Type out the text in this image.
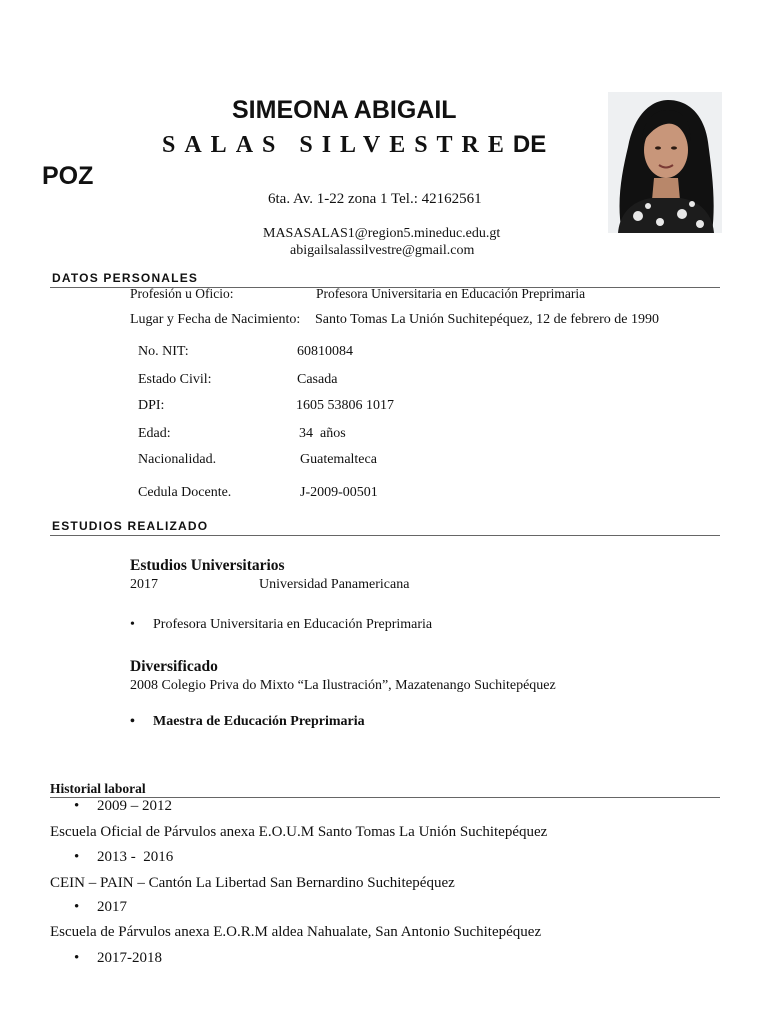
SIMEONA ABIGAIL
SALAS SILVESTREDE
POZ
6ta. Av. 1-22 zona 1 Tel.: 42162561
MASASALAS1@region5.mineduc.edu.gt
abigailsalassilvestre@gmail.com
DATOS PERSONALES
Profesión u Oficio:	Profesora Universitaria en Educación Preprimaria
Lugar y Fecha de Nacimiento: Santo Tomas La Unión Suchitepéquez, 12 de febrero de 1990
No. NIT:	60810084
Estado Civil:	Casada
DPI:	1605 53806 1017
Edad:	34  años
Nacionalidad.	Guatemalteca
Cedula Docente.	J-2009-00501
ESTUDIOS REALIZADO
Estudios Universitarios
2017	Universidad Panamericana
• Profesora Universitaria en Educación Preprimaria
Diversificado
2008 Colegio Priva do Mixto “La Ilustración”, Mazatenango Suchitepéquez
• Maestra de Educación Preprimaria
Historial laboral
• 2009 – 2012
Escuela Oficial de Párvulos anexa E.O.U.M Santo Tomas La Unión Suchitepéquez
• 2013 -  2016
CEIN – PAIN – Cantón La Libertad San Bernardino Suchitepéquez
• 2017
Escuela de Párvulos anexa E.O.R.M aldea Nahualate, San Antonio Suchitepéquez
• 2017-2018
